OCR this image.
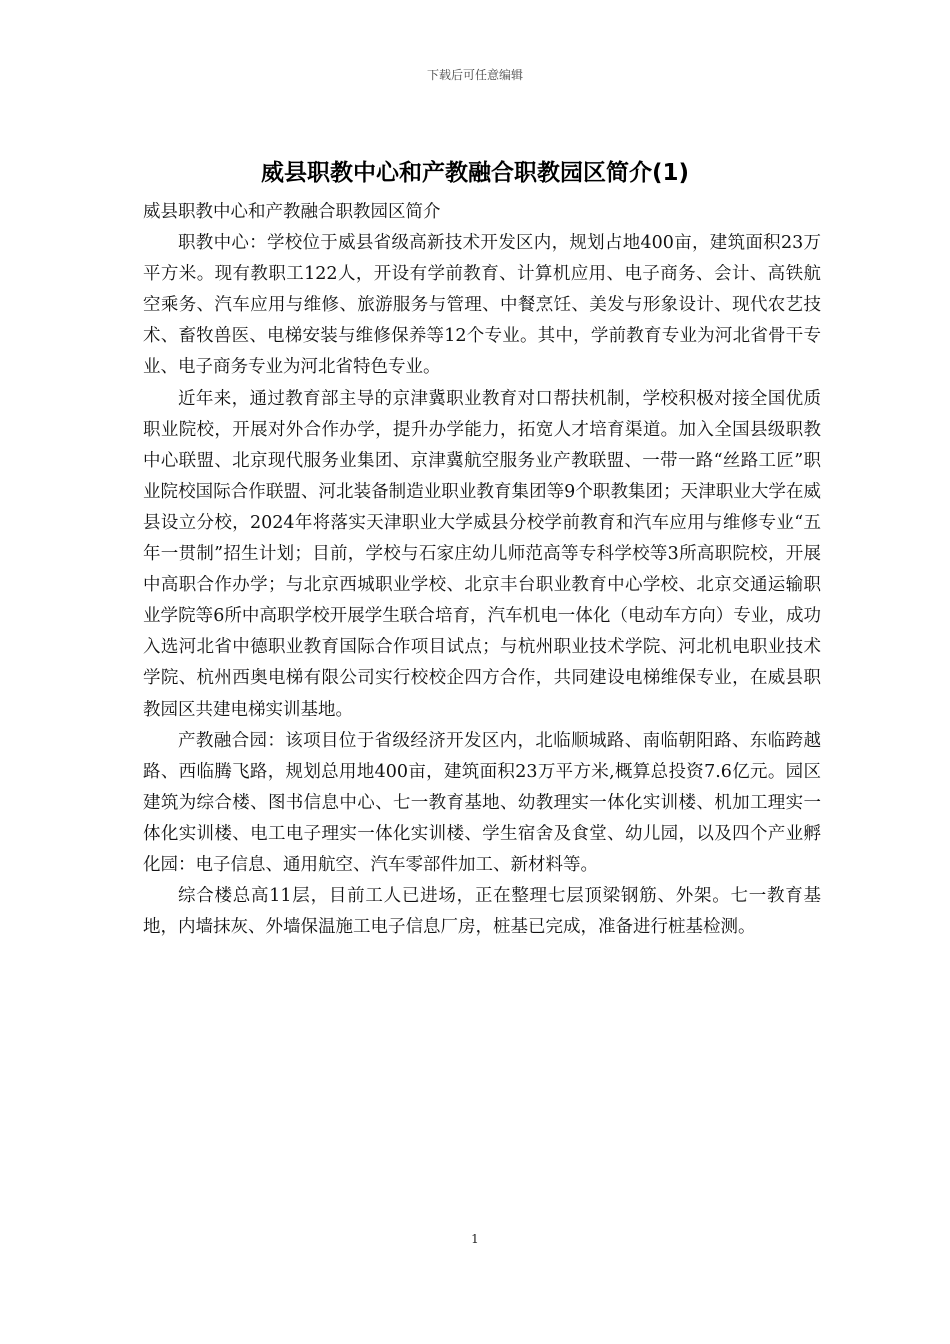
下载后可任意编辑
威县职教中心和产教融合职教园区简介(1)

威县职教中心和产教融合职教园区简介

职教中心：学校位于威县省级高新技术开发区内，规划占地400亩，建筑面积23万平方米。现有教职工122人，开设有学前教育、计算机应用、电子商务、会计、高铁航空乘务、汽车应用与维修、旅游服务与管理、中餐烹饪、美发与形象设计、现代农艺技术、畜牧兽医、电梯安装与维修保养等12个专业。其中，学前教育专业为河北省骨干专业、电子商务专业为河北省特色专业。

近年来，通过教育部主导的京津冀职业教育对口帮扶机制，学校积极对接全国优质职业院校，开展对外合作办学，提升办学能力，拓宽人才培育渠道。加入全国县级职教中心联盟、北京现代服务业集团、京津冀航空服务业产教联盟、一带一路“丝路工匠”职业院校国际合作联盟、河北装备制造业职业教育集团等9个职教集团；天津职业大学在威县设立分校，2024年将落实天津职业大学威县分校学前教育和汽车应用与维修专业“五年一贯制”招生计划；目前，学校与石家庄幼儿师范高等专科学校等3所高职院校，开展中高职合作办学；与北京西城职业学校、北京丰台职业教育中心学校、北京交通运输职业学院等6所中高职学校开展学生联合培育，汽车机电一体化（电动车方向）专业，成功入选河北省中德职业教育国际合作项目试点；与杭州职业技术学院、河北机电职业技术学院、杭州西奥电梯有限公司实行校校企四方合作，共同建设电梯维保专业，在威县职教园区共建电梯实训基地。

产教融合园：该项目位于省级经济开发区内，北临顺城路、南临朝阳路、东临跨越路、西临腾飞路，规划总用地400亩，建筑面积23万平方米,概算总投资7.6亿元。园区建筑为综合楼、图书信息中心、七一教育基地、幼教理实一体化实训楼、机加工理实一体化实训楼、电工电子理实一体化实训楼、学生宿舍及食堂、幼儿园，以及四个产业孵化园：电子信息、通用航空、汽车零部件加工、新材料等。

综合楼总高11层，目前工人已进场，正在整理七层顶梁钢筋、外架。七一教育基地，内墙抹灰、外墙保温施工电子信息厂房，桩基已完成，准备进行桩基检测。

1
